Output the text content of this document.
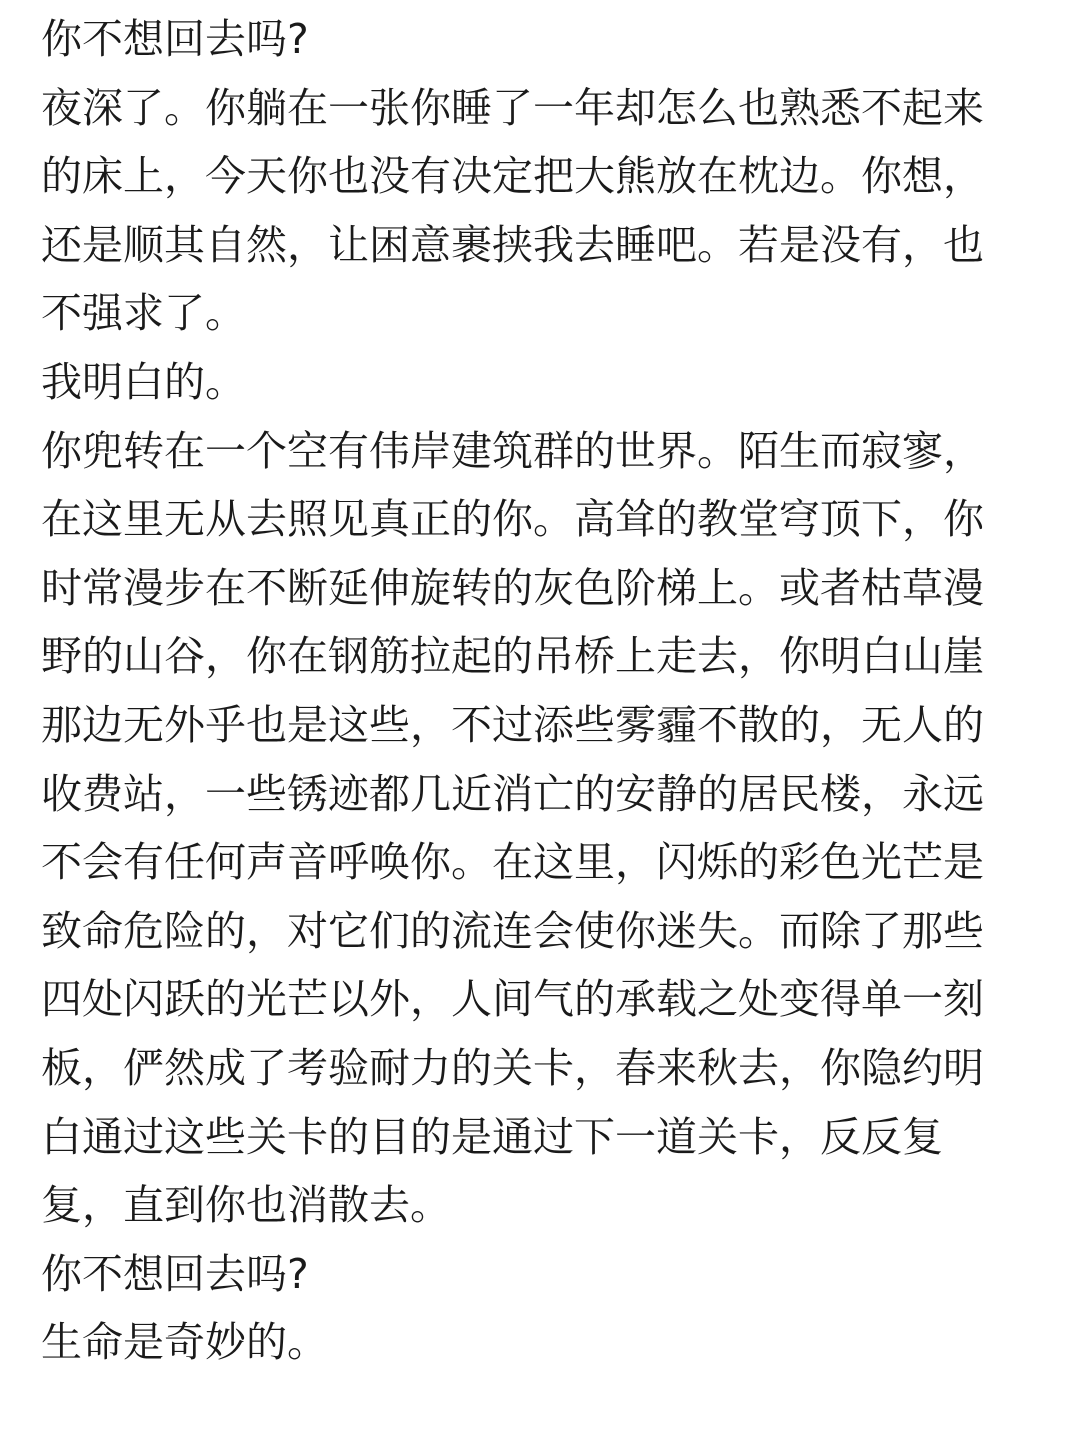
你不想回去吗?
夜深了。你躺在一张你睡了一年却怎么也熟悉不起来
的床上，今天你也没有决定把大熊放在枕边。你想，
还是顺其自然，让困意裹挟我去睡吧。若是没有，也
不强求了。
我明白的。
你兜转在一个空有伟岸建筑群的世界。陌生而寂寥，
在这里无从去照见真正的你。高耸的教堂穹顶下，你
时常漫步在不断延伸旋转的灰色阶梯上。或者枯草漫
野的山谷，你在钢筋拉起的吊桥上走去，你明白山崖
那边无外乎也是这些，不过添些雾霾不散的，无人的
收费站，一些锈迹都几近消亡的安静的居民楼，永远
不会有任何声音呼唤你。在这里，闪烁的彩色光芒是
致命危险的，对它们的流连会使你迷失。而除了那些
四处闪跃的光芒以外，人间气的承载之处变得单一刻
板，俨然成了考验耐力的关卡，春来秋去，你隐约明
白通过这些关卡的目的是通过下一道关卡，反反复
复，直到你也消散去。
你不想回去吗?
生命是奇妙的。
